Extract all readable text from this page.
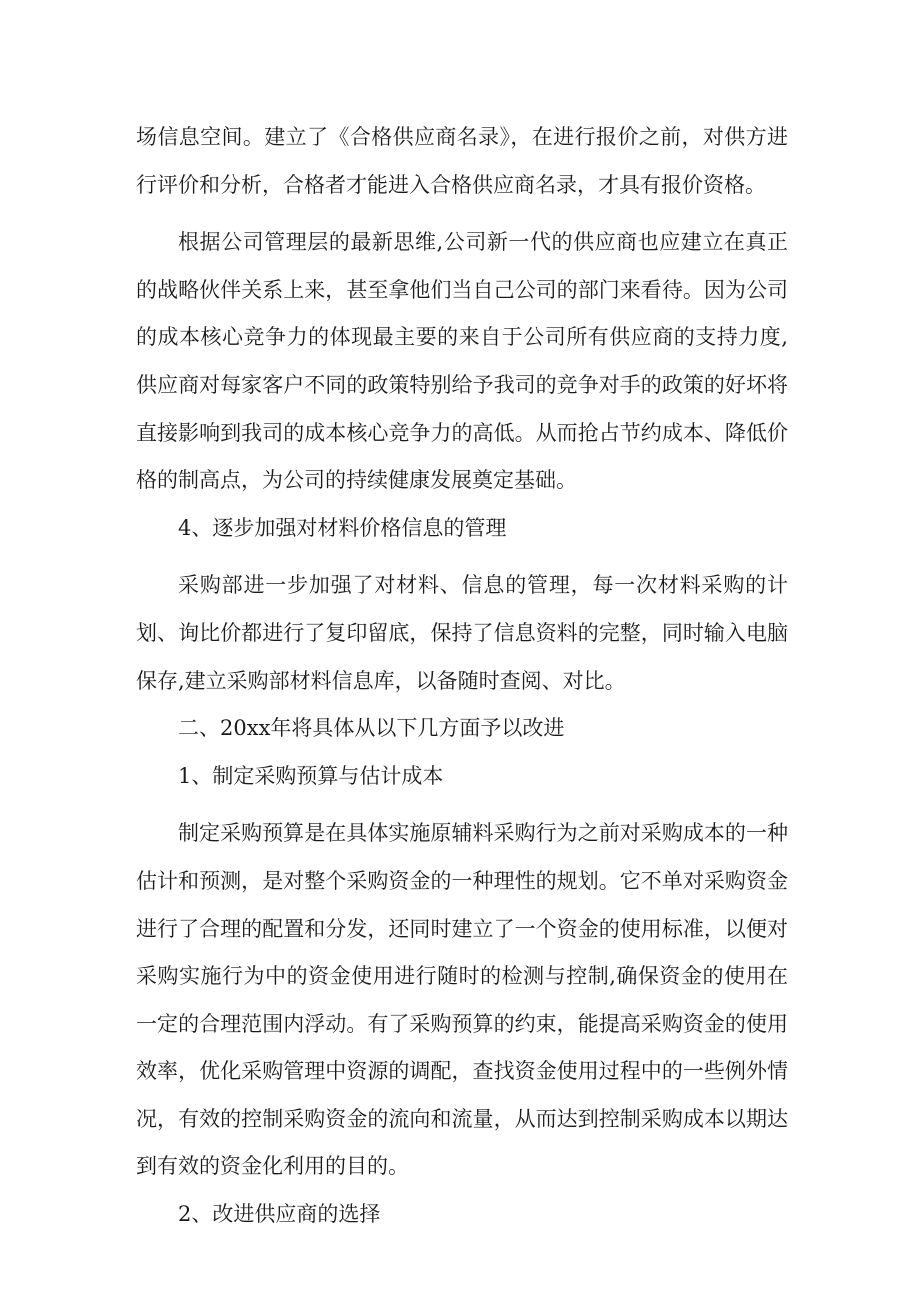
场信息空间。建立了《合格供应商名录》，在进行报价之前，对供方进行评价和分析，合格者才能进入合格供应商名录，才具有报价资格。

根据公司管理层的最新思维,公司新一代的供应商也应建立在真正的战略伙伴关系上来，甚至拿他们当自己公司的部门来看待。因为公司的成本核心竞争力的体现最主要的来自于公司所有供应商的支持力度,供应商对每家客户不同的政策特别给予我司的竞争对手的政策的好坏将直接影响到我司的成本核心竞争力的高低。从而抢占节约成本、降低价格的制高点，为公司的持续健康发展奠定基础。

4、逐步加强对材料价格信息的管理

采购部进一步加强了对材料、信息的管理，每一次材料采购的计划、询比价都进行了复印留底，保持了信息资料的完整，同时输入电脑保存,建立采购部材料信息库，以备随时查阅、对比。

二、20xx年将具体从以下几方面予以改进

1、制定采购预算与估计成本

制定采购预算是在具体实施原辅料采购行为之前对采购成本的一种估计和预测，是对整个采购资金的一种理性的规划。它不单对采购资金进行了合理的配置和分发，还同时建立了一个资金的使用标准，以便对采购实施行为中的资金使用进行随时的检测与控制,确保资金的使用在一定的合理范围内浮动。有了采购预算的约束，能提高采购资金的使用效率，优化采购管理中资源的调配，查找资金使用过程中的一些例外情况，有效的控制采购资金的流向和流量，从而达到控制采购成本以期达到有效的资金化利用的目的。

2、改进供应商的选择
